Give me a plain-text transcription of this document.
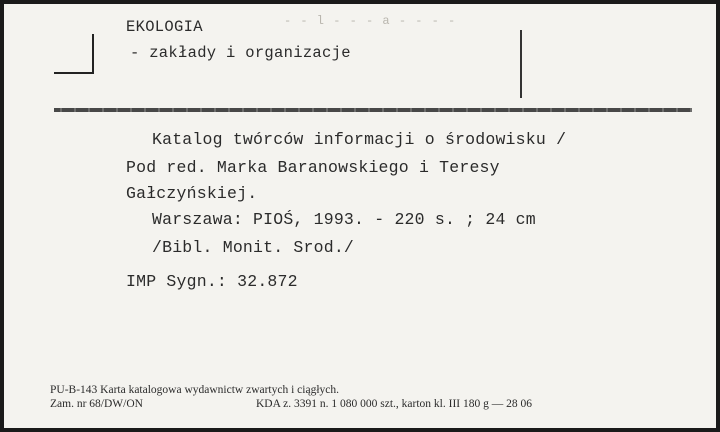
- - l - - - a - - - -
EKOLOGIA
- zakłady i organizacje
Katalog twórców informacji o środowisku /
Pod red. Marka Baranowskiego i Teresy
Gałczyńskiej.
Warszawa: PIOŚ, 1993. - 220 s. ; 24 cm
/Bibl. Monit. Srod./
IMP Sygn.: 32.872
PU-B-143 Karta katalogowa wydawnictw zwartych i ciągłych.
Zam. nr 68/DW/ON	KDA z. 3391 n. 1 080 000 szt., karton kl. III 180 g — 28 06
